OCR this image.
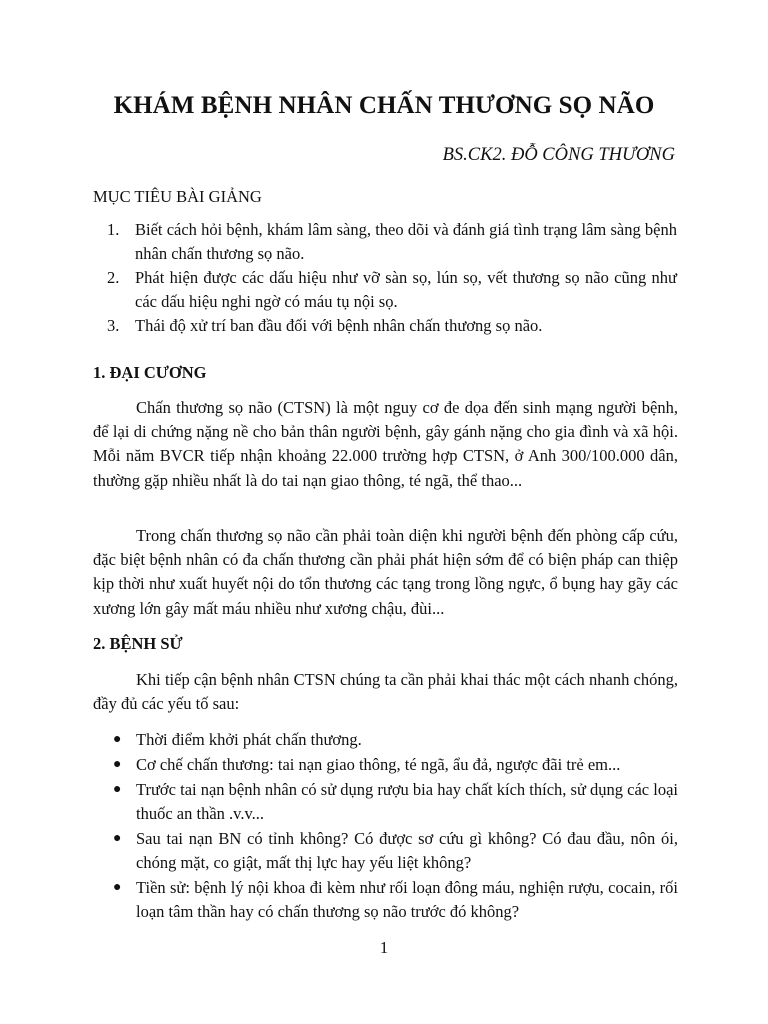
KHÁM BỆNH NHÂN CHẤN THƯƠNG SỌ NÃO

BS.CK2. ĐỖ CÔNG THƯƠNG

MỤC TIÊU BÀI GIẢNG

1. Biết cách hỏi bệnh, khám lâm sàng, theo dõi và đánh giá tình trạng lâm sàng bệnh nhân chấn thương sọ não.
2. Phát hiện được các dấu hiệu như vỡ sàn sọ, lún sọ, vết thương sọ não cũng như các dấu hiệu nghi ngờ có máu tụ nội sọ.
3. Thái độ xử trí ban đầu đối với bệnh nhân chấn thương sọ não.

1. ĐẠI CƯƠNG

Chấn thương sọ não (CTSN) là một nguy cơ đe dọa đến sinh mạng người bệnh, để lại di chứng nặng nề cho bản thân người bệnh, gây gánh nặng cho gia đình và xã hội. Mỗi năm BVCR tiếp nhận khoảng 22.000 trường hợp CTSN, ở Anh 300/100.000 dân, thường gặp nhiều nhất là do tai nạn giao thông, té ngã, thể thao...

Trong chấn thương sọ não cần phải toàn diện khi người bệnh đến phòng cấp cứu, đặc biệt bệnh nhân có đa chấn thương cần phải phát hiện sớm để có biện pháp can thiệp kịp thời như xuất huyết nội do tổn thương các tạng trong lồng ngực, ổ bụng hay gãy các xương lớn gây mất máu nhiều như xương chậu, đùi...

2. BỆNH SỬ

Khi tiếp cận bệnh nhân CTSN chúng ta cần phải khai thác một cách nhanh chóng, đầy đủ các yếu tố sau:

● Thời điểm khởi phát chấn thương.
● Cơ chế chấn thương: tai nạn giao thông, té ngã, ẩu đả, ngược đãi trẻ em...
● Trước tai nạn bệnh nhân có sử dụng rượu bia hay chất kích thích, sử dụng các loại thuốc an thần .v.v...
● Sau tai nạn BN có tỉnh không? Có được sơ cứu gì không? Có đau đầu, nôn ói, chóng mặt, co giật, mất thị lực hay yếu liệt không?
● Tiền sử: bệnh lý nội khoa đi kèm như rối loạn đông máu, nghiện rượu, cocain, rối loạn tâm thần hay có chấn thương sọ não trước đó không?

1
